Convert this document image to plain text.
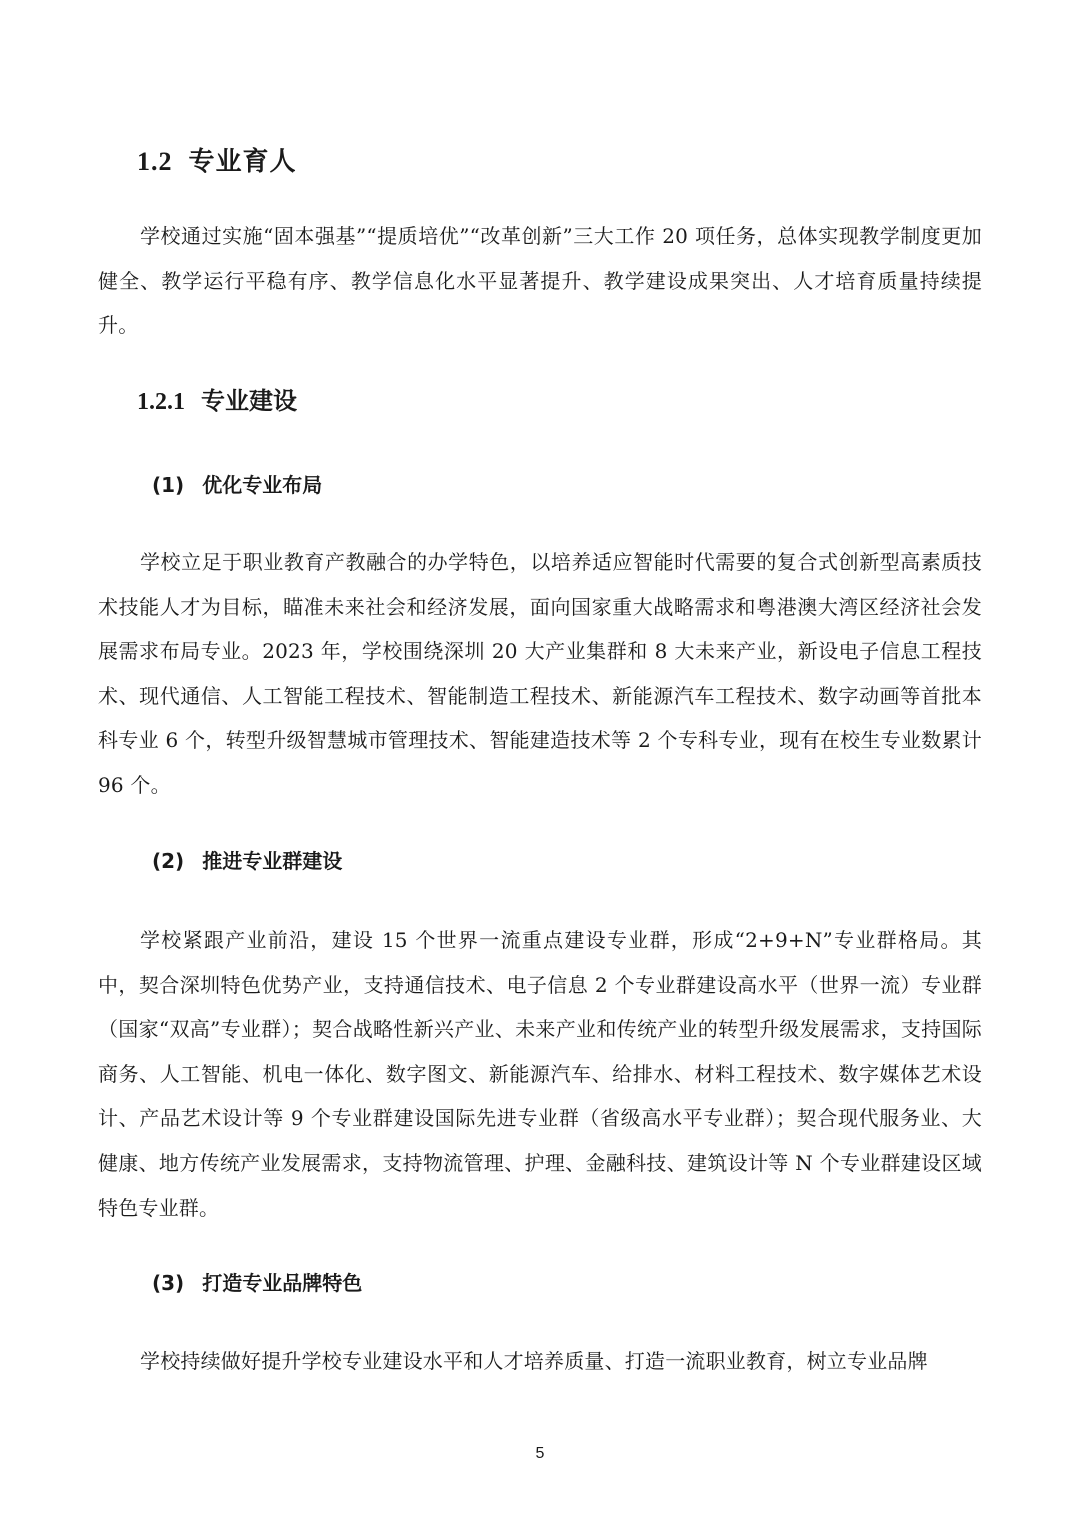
1.2 专业育人

学校通过实施“固本强基”“提质培优”“改革创新”三大工作 20 项任务，总体实现教学制度更加健全、教学运行平稳有序、教学信息化水平显著提升、教学建设成果突出、人才培育质量持续提升。

1.2.1 专业建设
(1) 优化专业布局

学校立足于职业教育产教融合的办学特色，以培养适应智能时代需要的复合式创新型高素质技术技能人才为目标，瞄准未来社会和经济发展，面向国家重大战略需求和粤港澳大湾区经济社会发展需求布局专业。2023 年，学校围绕深圳 20 大产业集群和 8 大未来产业，新设电子信息工程技术、现代通信、人工智能工程技术、智能制造工程技术、新能源汽车工程技术、数字动画等首批本科专业 6 个，转型升级智慧城市管理技术、智能建造技术等 2 个专科专业，现有在校生专业数累计 96 个。

(2) 推进专业群建设

学校紧跟产业前沿，建设 15 个世界一流重点建设专业群，形成“2+9+N”专业群格局。其中，契合深圳特色优势产业，支持通信技术、电子信息 2 个专业群建设高水平（世界一流）专业群（国家“双高”专业群）；契合战略性新兴产业、未来产业和传统产业的转型升级发展需求，支持国际商务、人工智能、机电一体化、数字图文、新能源汽车、给排水、材料工程技术、数字媒体艺术设计、产品艺术设计等 9 个专业群建设国际先进专业群（省级高水平专业群）；契合现代服务业、大健康、地方传统产业发展需求，支持物流管理、护理、金融科技、建筑设计等 N 个专业群建设区域特色专业群。

(3) 打造专业品牌特色

学校持续做好提升学校专业建设水平和人才培养质量、打造一流职业教育，树立专业品牌

5
